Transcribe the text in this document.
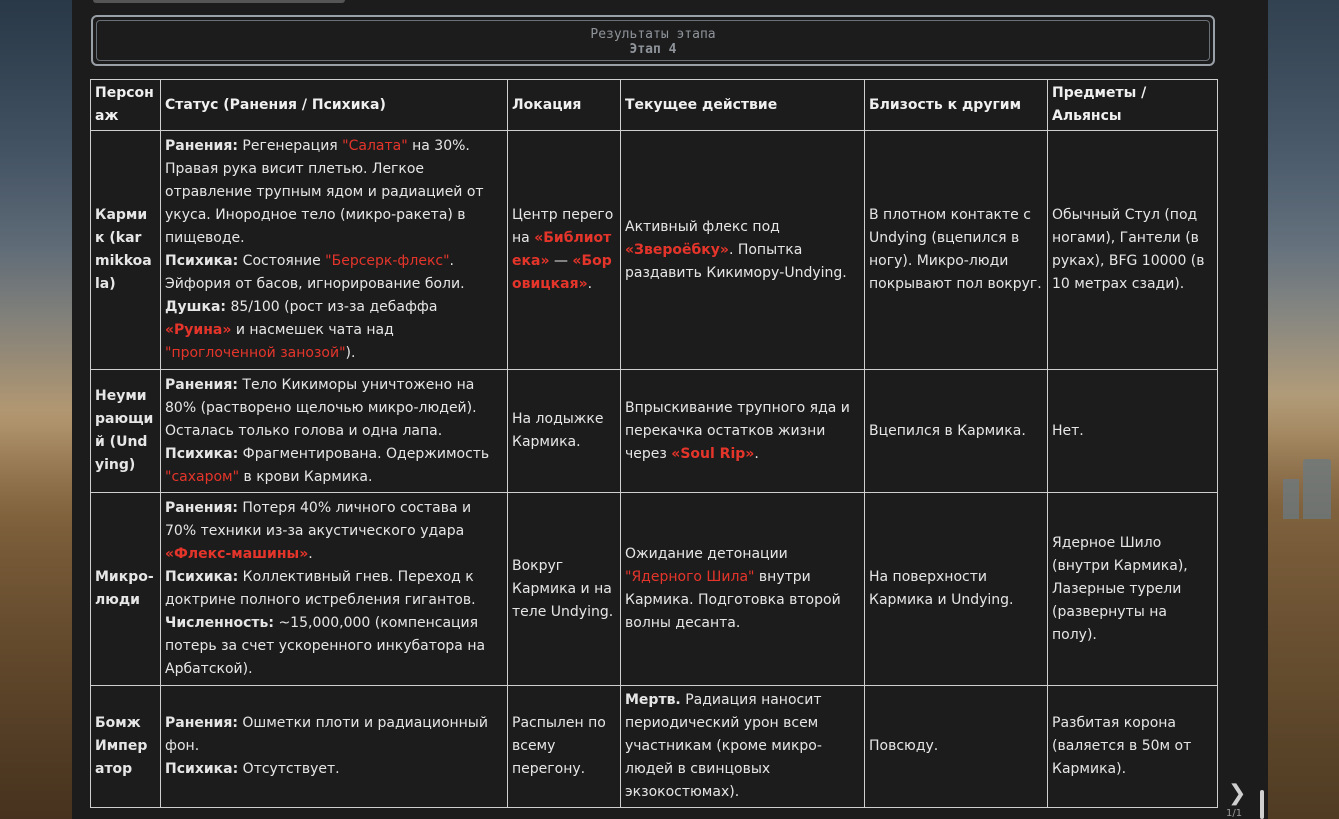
Результаты этапа
Этап 4
Персонаж	Статус (Ранения / Психика)	Локация	Текущее действие	Близость к другим	Предметы / Альянсы
Кармик (karmikkoala)	Ранения: Регенерация "Салата" на 30%. Правая рука висит плетью. Легкое отравление трупным ядом и радиацией от укуса. Инородное тело (микро-ракета) в пищеводе.
Психика: Состояние "Берсерк-флекс". Эйфория от басов, игнорирование боли.
Душка: 85/100 (рост из-за дебаффа «Руина» и насмешек чата над "проглоченной занозой").	Центр перегона «Библиотека» — «Боровицкая».	Активный флекс под «Звероёбку». Попытка раздавить Кикимору-Undying.	В плотном контакте с Undying (вцепился в ногу). Микро-люди покрывают пол вокруг.	Обычный Стул (под ногами), Гантели (в руках), BFG 10000 (в 10 метрах сзади).
Неумирающий (Undying)	Ранения: Тело Кикиморы уничтожено на 80% (растворено щелочью микро-людей). Осталась только голова и одна лапа.
Психика: Фрагментирована. Одержимость "сахаром" в крови Кармика.	На лодыжке Кармика.	Впрыскивание трупного яда и перекачка остатков жизни через «Soul Rip».	Вцепился в Кармика.	Нет.
Микро-люди	Ранения: Потеря 40% личного состава и 70% техники из-за акустического удара «Флекс-машины».
Психика: Коллективный гнев. Переход к доктрине полного истребления гигантов.
Численность: ~15,000,000 (компенсация потерь за счет ускоренного инкубатора на Арбатской).	Вокруг Кармика и на теле Undying.	Ожидание детонации "Ядерного Шила" внутри Кармика. Подготовка второй волны десанта.	На поверхности Кармика и Undying.	Ядерное Шило (внутри Кармика), Лазерные турели (развернуты на полу).
Бомж Император	Ранения: Ошметки плоти и радиационный фон.
Психика: Отсутствует.	Распылен по всему перегону.	Мертв. Радиация наносит периодический урон всем участникам (кроме микро-людей в свинцовых экзокостюмах).	Повсюду.	Разбитая корона (валяется в 50м от Кармика).
❯
1/1
